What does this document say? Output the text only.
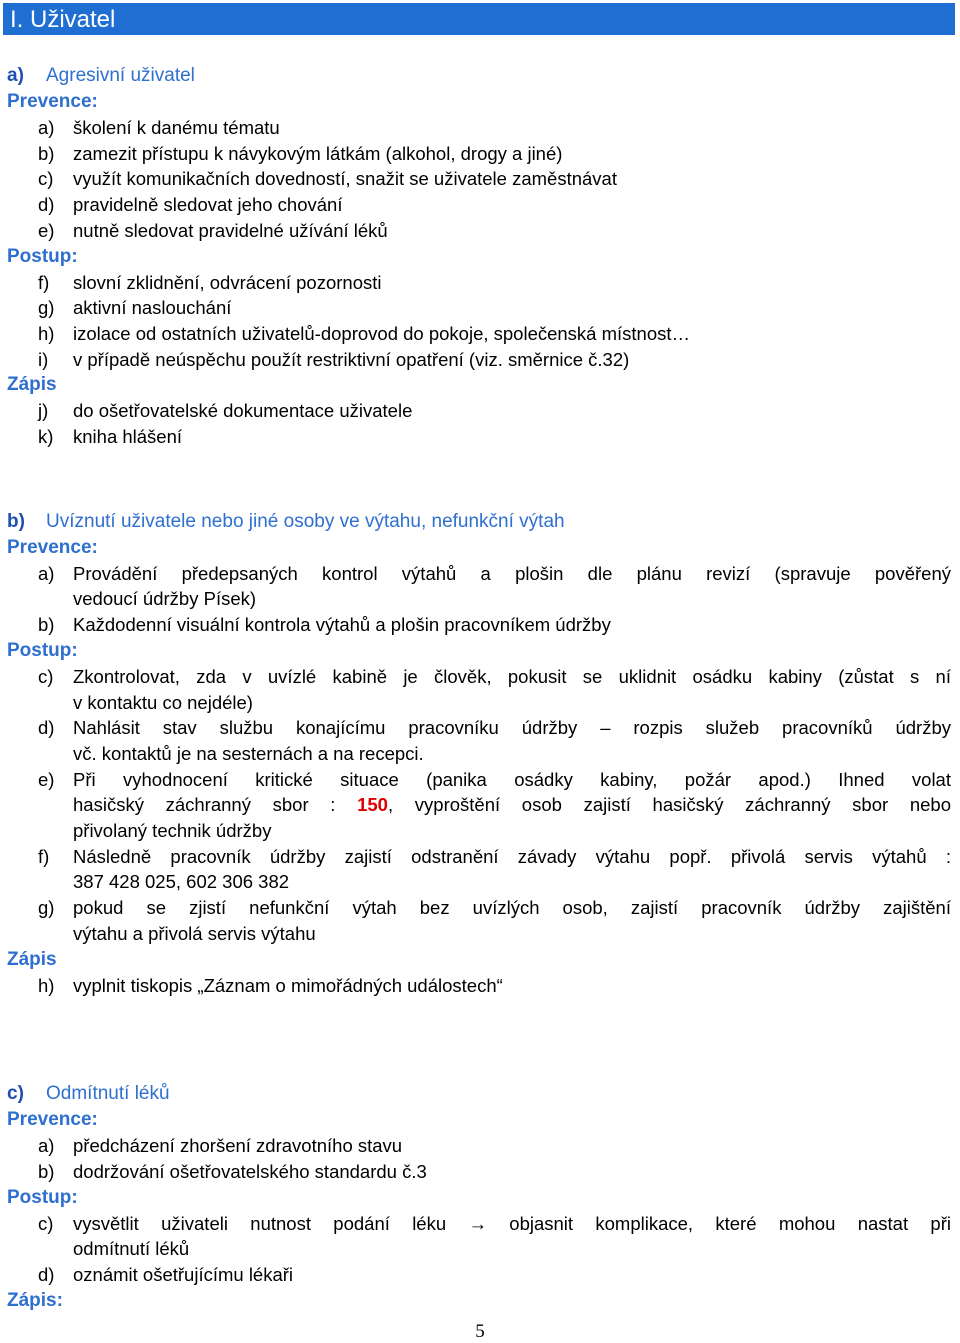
I. Uživatel
a) Agresivní uživatel
Prevence:
a) školení k danému tématu
b) zamezit přístupu k návykovým látkám (alkohol, drogy a jiné)
c) využít komunikačních dovedností, snažit se uživatele zaměstnávat
d) pravidelně sledovat jeho chování
e) nutně sledovat pravidelné užívání léků
Postup:
f) slovní zklidnění, odvrácení pozornosti
g) aktivní naslouchání
h) izolace od ostatních uživatelů-doprovod do pokoje, společenská místnost…
i) v případě neúspěchu použít restriktivní opatření (viz. směrnice č.32)
Zápis
j) do ošetřovatelské dokumentace uživatele
k) kniha hlášení
b) Uvíznutí uživatele nebo jiné osoby ve výtahu, nefunkční výtah
Prevence:
a) Provádění předepsaných kontrol výtahů a plošin dle plánu revizí (spravuje pověřený
vedoucí údržby Písek)
b) Každodenní visuální kontrola výtahů a plošin pracovníkem údržby
Postup:
c) Zkontrolovat, zda v uvízlé kabině je člověk, pokusit se uklidnit osádku kabiny (zůstat s ní
v kontaktu co nejdéle)
d) Nahlásit stav službu konajícímu pracovníku údržby – rozpis služeb pracovníků údržby
vč. kontaktů je na sesternách a na recepci.
e) Při vyhodnocení kritické situace (panika osádky kabiny, požár apod.) Ihned volat
hasičský záchranný sbor : 150, vyproštění osob zajistí hasičský záchranný sbor nebo
přivolaný technik údržby
f) Následně pracovník údržby zajistí odstranění závady výtahu popř. přivolá servis výtahů :
387 428 025, 602 306 382
g) pokud se zjistí nefunkční výtah bez uvízlých osob, zajistí pracovník údržby zajištění
výtahu a přivolá servis výtahu
Zápis
h) vyplnit tiskopis „Záznam o mimořádných událostech“
c) Odmítnutí léků
Prevence:
a) předcházení zhoršení zdravotního stavu
b) dodržování ošetřovatelského standardu č.3
Postup:
c) vysvětlit uživateli nutnost podání léku → objasnit komplikace, které mohou nastat při
odmítnutí léků
d) oznámit ošetřujícímu lékaři
Zápis:
5
